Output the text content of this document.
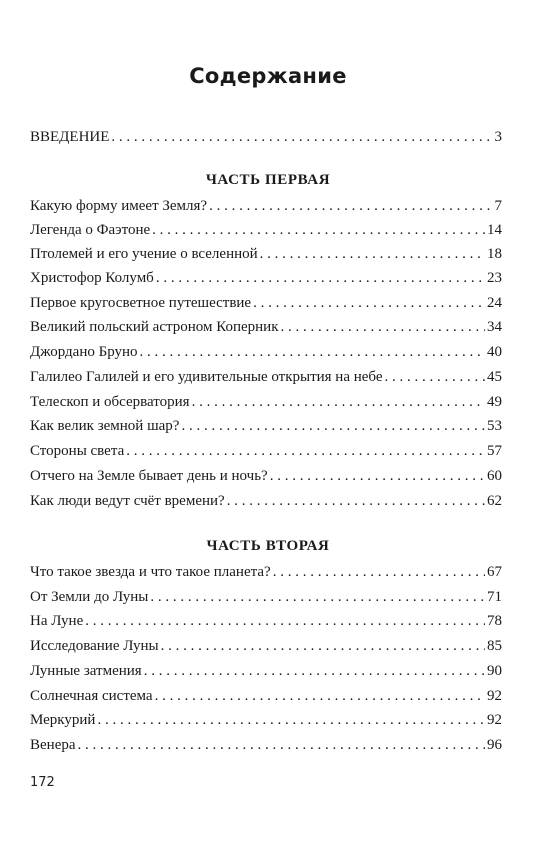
Содержание
ВВЕДЕНИЕ . . .	3
ЧАСТЬ ПЕРВАЯ
Какую форму имеет Земля? . . .	7
Легенда о Фаэтоне . . .	14
Птолемей и его учение о вселенной . . .	18
Христофор Колумб . . .	23
Первое кругосветное путешествие . . .	24
Великий польский астроном Коперник . . .	34
Джордано Бруно . . .	40
Галилео Галилей и его удивительные открытия на небе . . .	45
Телескоп и обсерватория . . .	49
Как велик земной шар? . . .	53
Стороны света . . .	57
Отчего на Земле бывает день и ночь? . . .	60
Как люди ведут счёт времени? . . .	62
ЧАСТЬ ВТОРАЯ
Что такое звезда и что такое планета? . . .	67
От Земли до Луны . . .	71
На Луне . . .	78
Исследование Луны . . .	85
Лунные затмения . . .	90
Солнечная система . . .	92
Меркурий . . .	92
Венера . . .	96
172
